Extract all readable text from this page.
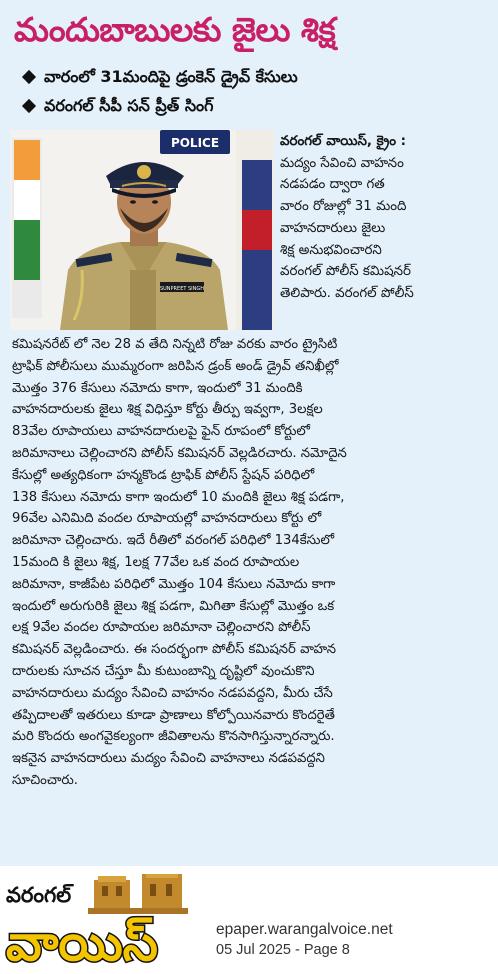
మందుబాబులకు జైలు శిక్ష
వారంలో 31మందిపై డ్రంకెన్ డ్రైవ్ కేసులు
వరంగల్ సీపీ సన్ ప్రీత్ సింగ్
POLICE
SUNPREET SINGH
వరంగల్ వాయిస్, క్రైం :
మద్యం సేవించి వాహనం
నడపడం ద్వారా గత
వారం రోజుల్లో 31 మంది
వాహనదారులు జైలు
శిక్ష అనుభవించారని
వరంగల్ పోలీస్ కమిషనర్
తెలిపారు. వరంగల్ పోలీస్
కమిషనరేట్ లో నెల 28 వ తేది నిన్నటి రోజు వరకు వారం ట్రైసిటి
ట్రాఫిక్ పోలీసులు ముమ్మరంగా జరిపిన డ్రంక్ అండ్ డ్రైవ్ తనిఖీల్లో
మొత్తం 376 కేసులు నమోదు కాగా, ఇందులో 31 మందికి
వాహనదారులకు జైలు శిక్ష విధిస్తూ కోర్టు తీర్పు ఇవ్వగా, 3లక్షల
83వేల రూపాయలు వాహనదారులపై ఫైన్ రూపంలో కోర్టులో
జరిమానాలు చెల్లించారని పోలీస్ కమిషనర్ వెల్లడిరచారు. నమోదైన
కేసుల్లో అత్యధికంగా హన్మకొండ ట్రాఫిక్ పోలీస్ స్టేషన్ పరిధిలో
138 కేసులు నమోదు కాగా ఇందులో 10 మందికి జైలు శిక్ష పడగా,
96వేల ఎనిమిది వందల రూపాయల్లో వాహనదారులు కోర్టు లో
జరిమానా చెల్లించారు. ఇదే రీతిలో వరంగల్ పరిధిలో 134కేసులో
15మంది కి జైలు శిక్ష, 1లక్ష 77వేల ఒక వంద రూపాయల
జరిమానా, కాజీపేట పరిధిలో మొత్తం 104 కేసులు నమోదు కాగా
ఇందులో అరుగురికి జైలు శిక్ష పడగా, మిగితా కేసుల్లో మొత్తం ఒక
లక్ష 9వేల వందల రూపాయల జరిమానా చెల్లించారని పోలీస్
కమిషనర్ వెల్లడించారు. ఈ సందర్భంగా పోలీస్ కమిషనర్ వాహన
దారులకు సూచన చేస్తూ మీ కుటుంబాన్ని దృష్టిలో వుంచుకొని
వాహనదారులు మద్యం సేవించి వాహనం నడపవద్దని, మీరు చేసే
తప్పిదాలతో ఇతరులు కూడా ప్రాణాలు కోల్పోయినవారు కొందరైతే
మరి కొందరు అంగవైకల్యంగా జీవితాలను కొనసాగిస్తున్నారన్నారు.
ఇకనైన వాహనదారులు మద్యం సేవించి వాహనాలు నడపవద్దని
సూచించారు.
వాయిస్
వరంగల్
epaper.warangalvoice.net
05 Jul 2025 - Page 8
